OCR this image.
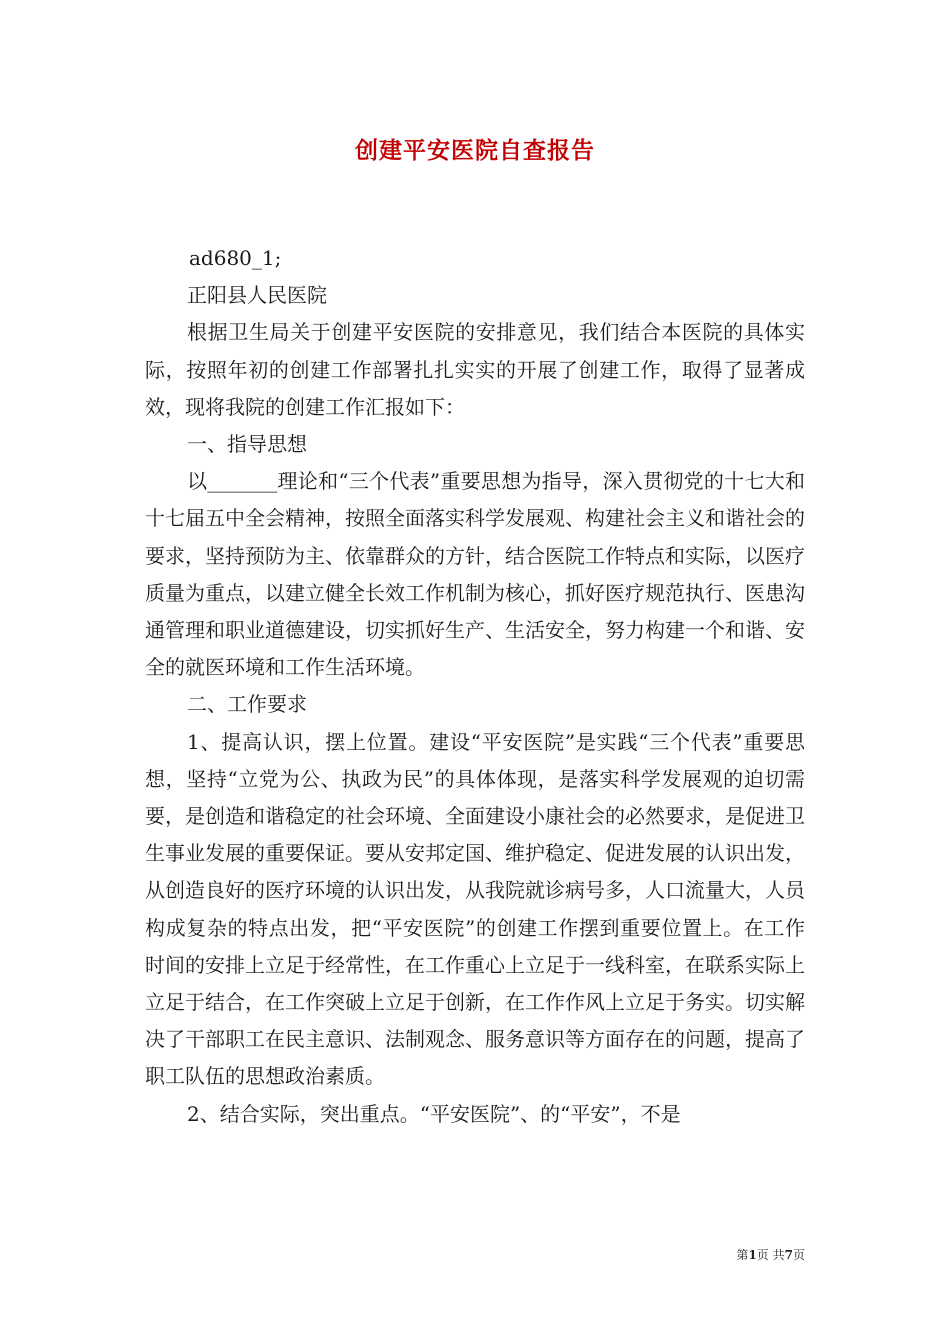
创建平安医院自查报告

ad680_1;

正阳县人民医院

根据卫生局关于创建平安医院的安排意见，我们结合本医院的具体实际，按照年初的创建工作部署扎扎实实的开展了创建工作，取得了显著成效，现将我院的创建工作汇报如下：

一、指导思想

以_______理论和“三个代表”重要思想为指导，深入贯彻党的十七大和十七届五中全会精神，按照全面落实科学发展观、构建社会主义和谐社会的要求，坚持预防为主、依靠群众的方针，结合医院工作特点和实际，以医疗质量为重点，以建立健全长效工作机制为核心，抓好医疗规范执行、医患沟通管理和职业道德建设，切实抓好生产、生活安全，努力构建一个和谐、安全的就医环境和工作生活环境。

二、工作要求

1、提高认识，摆上位置。建设“平安医院”是实践“三个代表”重要思想，坚持“立党为公、执政为民”的具体体现，是落实科学发展观的迫切需要，是创造和谐稳定的社会环境、全面建设小康社会的必然要求，是促进卫生事业发展的重要保证。要从安邦定国、维护稳定、促进发展的认识出发，从创造良好的医疗环境的认识出发，从我院就诊病号多，人口流量大，人员构成复杂的特点出发，把“平安医院”的创建工作摆到重要位置上。在工作时间的安排上立足于经常性，在工作重心上立足于一线科室，在联系实际上立足于结合，在工作突破上立足于创新，在工作作风上立足于务实。切实解决了干部职工在民主意识、法制观念、服务意识等方面存在的问题，提高了职工队伍的思想政治素质。

2、结合实际，突出重点。“平安医院”、的“平安”，不是

第1页 共7页
